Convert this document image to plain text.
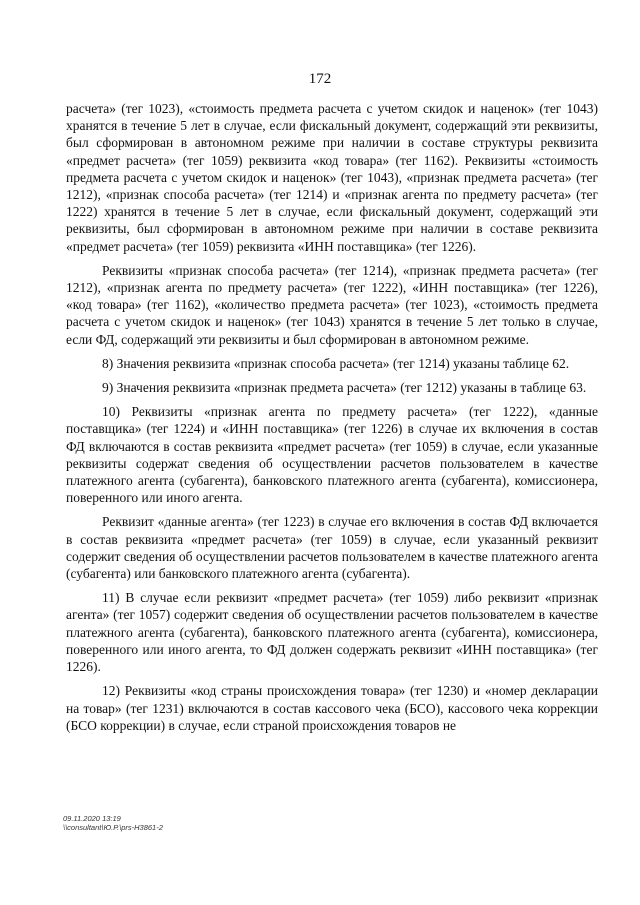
172

расчета» (тег 1023), «стоимость предмета расчета с учетом скидок и наценок» (тег 1043) хранятся в течение 5 лет в случае, если фискальный документ, содержащий эти реквизиты, был сформирован в автономном режиме при наличии в составе структуры реквизита «предмет расчета» (тег 1059) реквизита «код товара» (тег 1162). Реквизиты «стоимость предмета расчета с учетом скидок и наценок» (тег 1043), «признак предмета расчета» (тег 1212), «признак способа расчета» (тег 1214) и «признак агента по предмету расчета» (тег 1222) хранятся в течение 5 лет в случае, если фискальный документ, содержащий эти реквизиты, был сформирован в автономном режиме при наличии в составе реквизита «предмет расчета» (тег 1059) реквизита «ИНН поставщика» (тег 1226).

Реквизиты «признак способа расчета» (тег 1214), «признак предмета расчета» (тег 1212), «признак агента по предмету расчета» (тег 1222), «ИНН поставщика» (тег 1226), «код товара» (тег 1162), «количество предмета расчета» (тег 1023), «стоимость предмета расчета с учетом скидок и наценок» (тег 1043) хранятся в течение 5 лет только в случае, если ФД, содержащий эти реквизиты и был сформирован в автономном режиме.

8) Значения реквизита «признак способа расчета» (тег 1214) указаны таблице 62.

9) Значения реквизита «признак предмета расчета» (тег 1212) указаны в таблице 63.

10) Реквизиты «признак агента по предмету расчета» (тег 1222), «данные поставщика» (тег 1224) и «ИНН поставщика» (тег 1226) в случае их включения в состав ФД включаются в состав реквизита «предмет расчета» (тег 1059) в случае, если указанные реквизиты содержат сведения об осуществлении расчетов пользователем в качестве платежного агента (субагента), банковского платежного агента (субагента), комиссионера, поверенного или иного агента.

Реквизит «данные агента» (тег 1223) в случае его включения в состав ФД включается в состав реквизита «предмет расчета» (тег 1059) в случае, если указанный реквизит содержит сведения об осуществлении расчетов пользователем в качестве платежного агента (субагента) или банковского платежного агента (субагента).

11) В случае если реквизит «предмет расчета» (тег 1059) либо реквизит «признак агента» (тег 1057) содержит сведения об осуществлении расчетов пользователем в качестве платежного агента (субагента), банковского платежного агента (субагента), комиссионера, поверенного или иного агента, то ФД должен содержать реквизит «ИНН поставщика» (тег 1226).

12) Реквизиты «код страны происхождения товара» (тег 1230) и «номер декларации на товар» (тег 1231) включаются в состав кассового чека (БСО), кассового чека коррекции (БСО коррекции) в случае, если страной происхождения товаров не

09.11.2020 13:19
\\consultant\Ю.Р.\prs-Н3861-2
